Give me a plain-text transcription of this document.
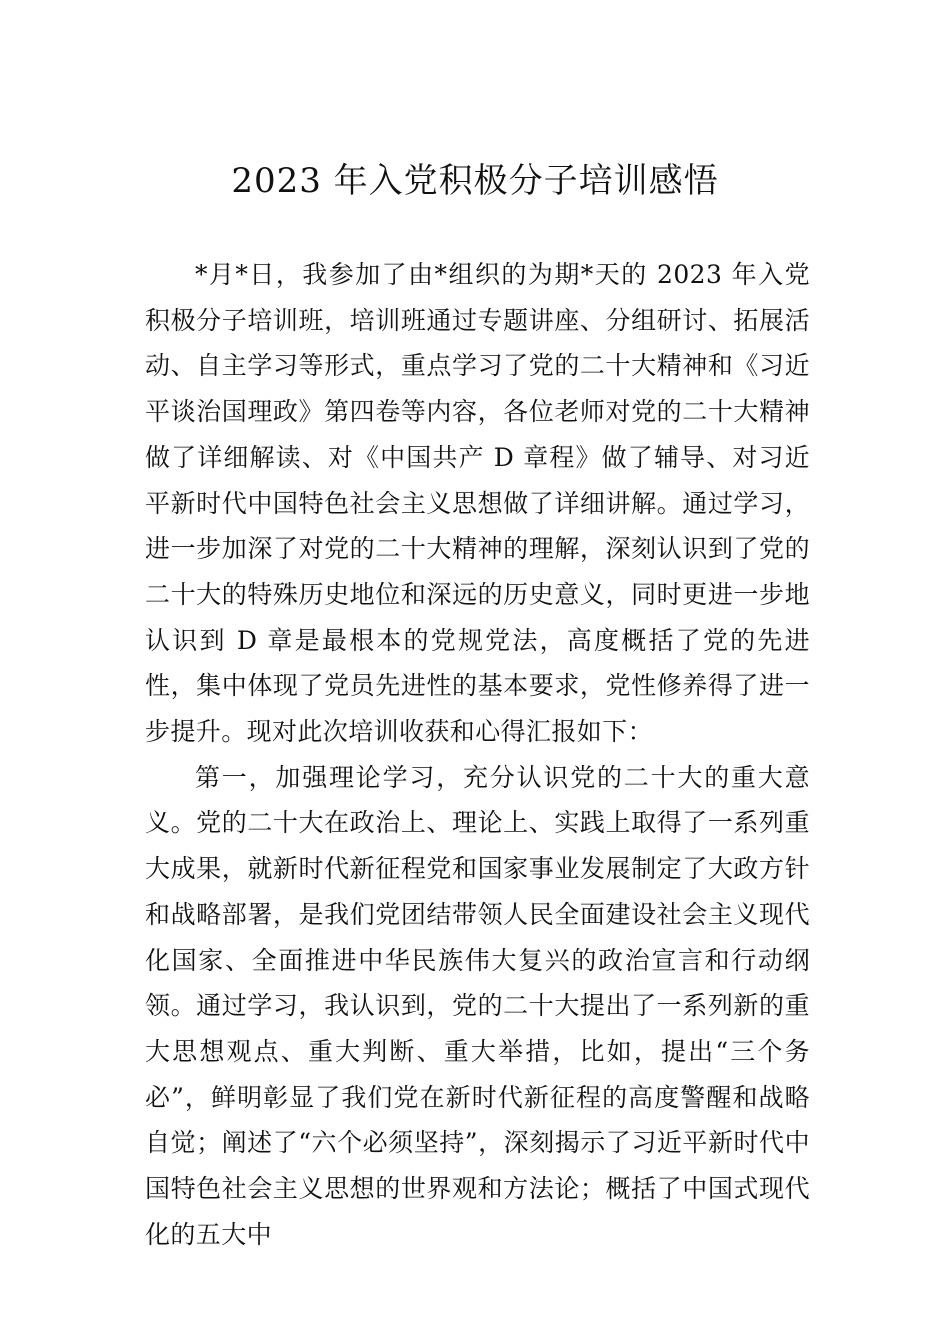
2023 年入党积极分子培训感悟

*月*日，我参加了由*组织的为期*天的 2023 年入党积极分子培训班，培训班通过专题讲座、分组研讨、拓展活动、自主学习等形式，重点学习了党的二十大精神和《习近平谈治国理政》第四卷等内容，各位老师对党的二十大精神做了详细解读、对《中国共产 D 章程》做了辅导、对习近平新时代中国特色社会主义思想做了详细讲解。通过学习，进一步加深了对党的二十大精神的理解，深刻认识到了党的二十大的特殊历史地位和深远的历史意义，同时更进一步地认识到 D 章是最根本的党规党法，高度概括了党的先进性，集中体现了党员先进性的基本要求，党性修养得了进一步提升。现对此次培训收获和心得汇报如下：

第一，加强理论学习，充分认识党的二十大的重大意义。党的二十大在政治上、理论上、实践上取得了一系列重大成果，就新时代新征程党和国家事业发展制定了大政方针和战略部署，是我们党团结带领人民全面建设社会主义现代化国家、全面推进中华民族伟大复兴的政治宣言和行动纲领。通过学习，我认识到，党的二十大提出了一系列新的重大思想观点、重大判断、重大举措，比如，提出“三个务必”，鲜明彰显了我们党在新时代新征程的高度警醒和战略自觉；阐述了“六个必须坚持”，深刻揭示了习近平新时代中国特色社会主义思想的世界观和方法论；概括了中国式现代化的五大中
